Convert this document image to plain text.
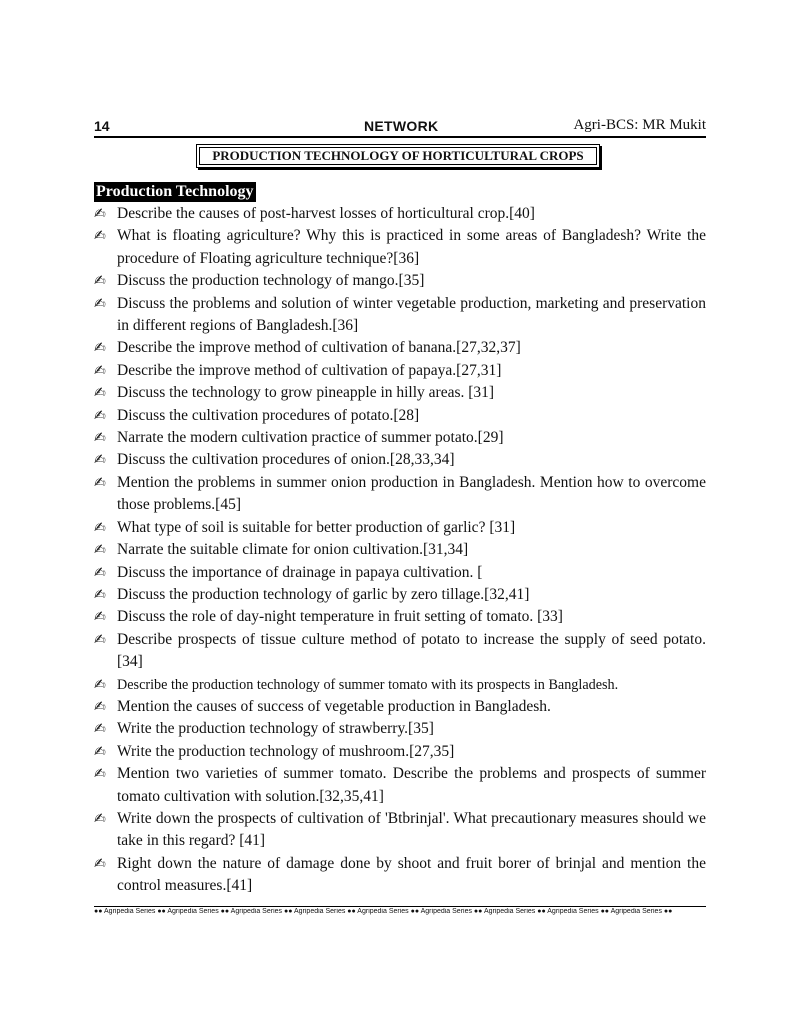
14	NETWORK	Agri-BCS: MR Mukit
PRODUCTION TECHNOLOGY OF HORTICULTURAL CROPS
Production Technology
✍ Describe the causes of post-harvest losses of horticultural crop.[40]
✍ What is floating agriculture? Why this is practiced in some areas of Bangladesh? Write the procedure of Floating agriculture technique?[36]
✍ Discuss the production technology of mango.[35]
✍ Discuss the problems and solution of winter vegetable production, marketing and preservation in different regions of Bangladesh.[36]
✍ Describe the improve method of cultivation of banana.[27,32,37]
✍ Describe the improve method of cultivation of papaya.[27,31]
✍ Discuss the technology to grow pineapple in hilly areas. [31]
✍ Discuss the cultivation procedures of potato.[28]
✍ Narrate the modern cultivation practice of summer potato.[29]
✍ Discuss the cultivation procedures of onion.[28,33,34]
✍ Mention the problems in summer onion production in Bangladesh. Mention how to overcome those problems.[45]
✍ What type of soil is suitable for better production of garlic? [31]
✍ Narrate the suitable climate for onion cultivation.[31,34]
✍ Discuss the importance of drainage in papaya cultivation. [
✍ Discuss the production technology of garlic by zero tillage.[32,41]
✍ Discuss the role of day-night temperature in fruit setting of tomato. [33]
✍ Describe prospects of tissue culture method of potato to increase the supply of seed potato.[34]
✍ Describe the production technology of summer tomato with its prospects in Bangladesh.
✍ Mention the causes of success of vegetable production in Bangladesh.
✍ Write the production technology of strawberry.[35]
✍ Write the production technology of mushroom.[27,35]
✍ Mention two varieties of summer tomato. Describe the problems and prospects of summer tomato cultivation with solution.[32,35,41]
✍ Write down the prospects of cultivation of 'Btbrinjal'. What precautionary measures should we take in this regard? [41]
✍ Right down the nature of damage done by shoot and fruit borer of brinjal and mention the control measures.[41]
●● Agripedia Series ●● Agripedia Series ●● Agripedia Series ●● Agripedia Series ●● Agripedia Series ●● Agripedia Series ●● Agripedia Series ●● Agripedia Series ●● Agripedia Series ●●
